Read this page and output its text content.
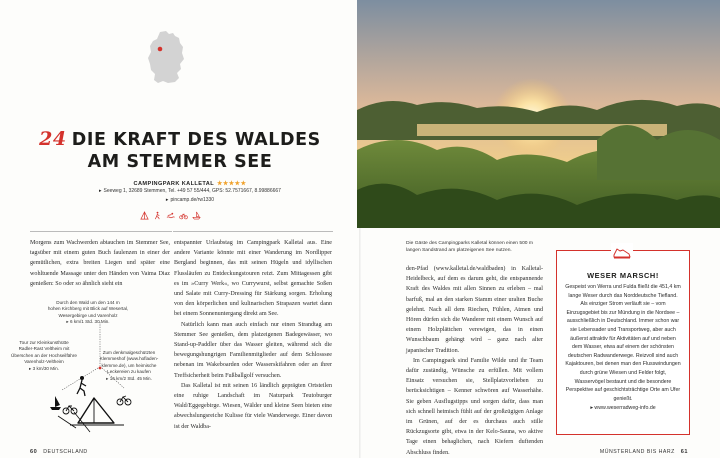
24 DIE KRAFT DES WALDES
AM STEMMER SEE
CAMPINGPARK KALLETAL ★★★★★
▸ Seeweg 1, 32689 Stemmen, Tel. +49 57 55/444, GPS: 52.7571667, 8.99886667
▸ pincamp.de/rw1330

Morgens zum Wachwerden abtauchen im Stemmer See, tagsüber mit einem guten Buch faulenzen in einer der gemütlichen, extra breiten Liegen und später eine wohltuende Massage unter den Händen von Vaima Diaz genießen: So oder so ähnlich sieht ein

Durch den Wald um den 144 m
hohen Kirchberg mit Blick auf Wesertal,
Wesergebirge und Varenholz
▸ 6 km/1 Std. 30 Min.
Tour zur Kleinkunsthütte
Radler-Rast Veltheim mit
Überschen an der Hochseilfähre
Varenholz-Veltheim
▸ 3 km/30 Min.
Zum denkmalgeschützten
Klemmeshof (www.hofladen-
klemme.de), um heimische
Leckereien zu kaufen
▸ 16 km/2 Std. 45 Min.

entspannter Urlaubstag im Campingpark Kalletal aus. Eine andere Variante könnte mit einer Wanderung im Nordlipper Bergland beginnen, das mit seinen Hügeln und idyllischen Flussläufen zu Entdeckungstouren reizt. Zum Mittagessen gibt es im »Curry Werk«, wo Currywurst, selbst gemachte Soßen und Salate mit Curry-Dressing für Stärkung sorgen. Erholung von den körperlichen und kulinarischen Strapazen wartet dann bei einem Sonnenuntergang direkt am See.

Natürlich kann man auch einfach nur einen Strandtag am Stemmer See genießen, dem platzeigenen Badegewässer, wo Stand-up-Paddler über das Wasser gleiten, während sich die bewegungshungrigen Familienmitglieder auf dem Schlosssee nebenan im Wakeboarden oder Wasserskifahren oder an ihrer Treffsicherheit beim Fußballgolf versuchen.

Das Kalletal ist mit seinen 16 ländlich geprägten Ortsteilen eine ruhige Landschaft im Naturpark Teutoburger Wald/Eggegebirge. Wiesen, Wälder und kleine Seen bieten eine abwechslungsreiche Kulisse für viele Wanderwege. Einer davon ist der Waldba-

Die Gäste des Campingparks Kalletal können einen 500 m langen Sandstrand am platzeigenen See nutzen.

den-Pfad (www.kalletal.de/waldbaden) in Kalletal-Heidelbeck, auf dem es darum geht, die entspannende Kraft des Waldes mit allen Sinnen zu erleben – mal barfuß, mal an den starken Stamm einer uralten Buche gelehnt. Nach all dem Riechen, Fühlen, Atmen und Hören dürfen sich die Wanderer mit einem Wunsch auf einem Holzplättchen verewigen, das in einen Wunschbaum gehängt wird – ganz nach alter japanischer Tradition.

Im Campingpark sind Familie Wilde und ihr Team dafür zuständig, Wünsche zu erfüllen. Mit vollem Einsatz versuchen sie, Stellplatzvorlieben zu berücksichtigen – Kenner schwören auf Wasserhähe. Sie geben Ausflugstipps und sorgen dafür, dass man sich schnell heimisch fühlt auf der großzügigen Anlage im Grünen, auf der es durchaus auch stille Rückzugsorte gibt, etwa in der Kelo-Sauna, wo aktive Tage einen behaglichen, nach Kiefern duftenden Abschluss finden.

WESER MARSCH!
Gespeist von Werra und Fulda fließt die 451,4 km lange Weser durch das Norddeutsche Tiefland. Als einziger Strom verläuft sie – vom Einzugsgebiet bis zur Mündung in die Nordsee – ausschließlich in Deutschland. Immer schon war sie Lebensader und Transportweg, aber auch äußerst attraktiv für Aktivitäten auf und neben dem Wasser, etwa auf einem der schönsten deutschen Radwanderwege. Reizvoll sind auch Kajaktouren, bei denen man den Flusswindungen durch grüne Wiesen und Felder folgt, Wasservögel bestaunt und die besondere Perspektive auf geschichtsträchtige Orte am Ufer genießt.
▸ www.weserradweg-info.de
60 DEUTSCHLAND	MÜNSTERLAND BIS HARZ 61
